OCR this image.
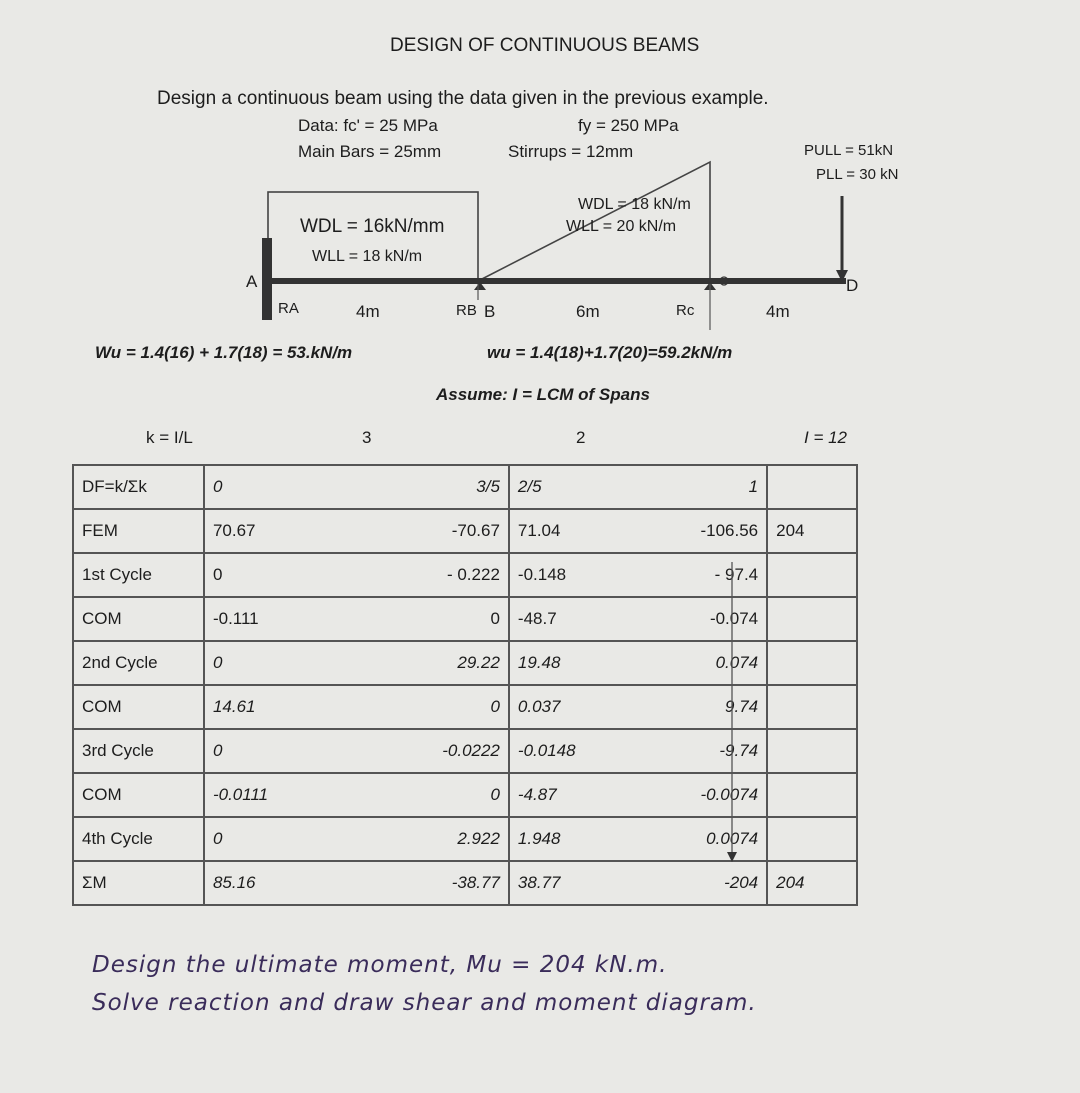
DESIGN OF CONTINUOUS BEAMS
Design a continuous beam using the data given in the previous example.
Data: fc' = 25 MPa	fy = 250 MPa
Main Bars = 25mm	Stirrups = 12mm
WDL = 16kN/mm
WLL = 18 kN/m
WDL = 18 kN/m
WLL = 20 kN/m
PULL = 51kN
PLL = 30 kN
A
RA	4m	RB B	6m	Rc	4m
D
Wu = 1.4(16) + 1.7(18) = 53.kN/m	wu = 1.4(18)+1.7(20)=59.2kN/m
Assume: I = LCM of Spans
k = I/L	3	2	I = 12
DF=k/Σk	0	3/5	2/5	1	
FEM	70.67	-70.67	71.04	-106.56	204
1st Cycle	0	- 0.222	-0.148	- 97.4	
COM	-0.111	0	-48.7	-0.074	
2nd Cycle	0	29.22	19.48	0.074	
COM	14.61	0	0.037	9.74	
3rd Cycle	0	-0.0222	-0.0148	-9.74	
COM	-0.0111	0	-4.87	-0.0074	
4th Cycle	0	2.922	1.948	0.0074	
ΣM	85.16	-38.77	38.77	-204	204
Design the ultimate moment, Mu = 204 kN.m.
Solve reaction and draw shear and moment diagram.
